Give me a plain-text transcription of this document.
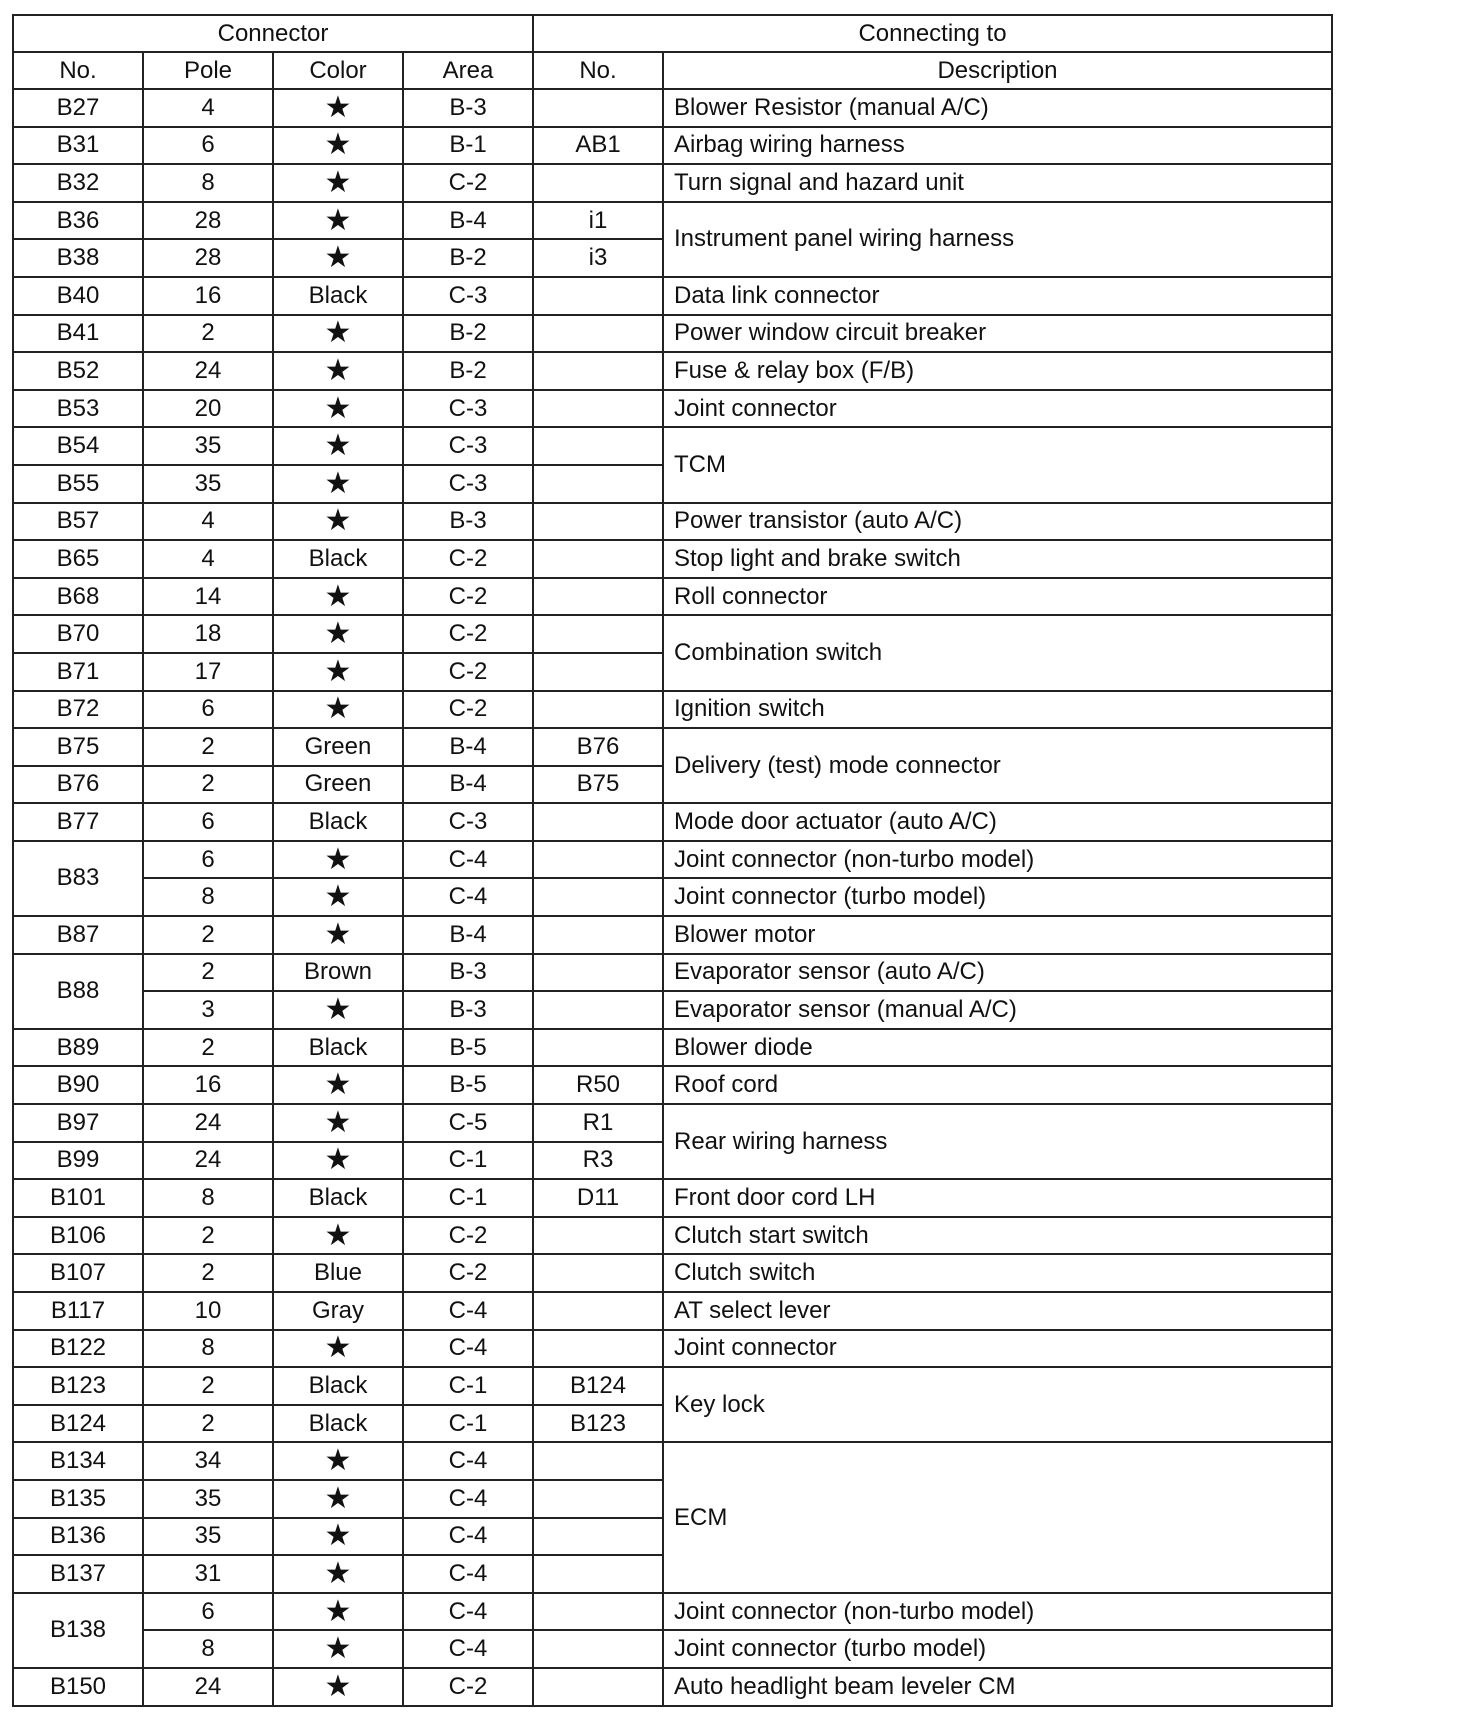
Connector				Connecting to	
No.	Pole	Color	Area	No.	Description
B27	4	★	B-3		Blower Resistor (manual A/C)
B31	6	★	B-1	AB1	Airbag wiring harness
B32	8	★	C-2		Turn signal and hazard unit
B36	28	★	B-4	i1	Instrument panel wiring harness
B38	28	★	B-2	i3	
B40	16	Black	C-3		Data link connector
B41	2	★	B-2		Power window circuit breaker
B52	24	★	B-2		Fuse & relay box (F/B)
B53	20	★	C-3		Joint connector
B54	35	★	C-3		TCM
B55	35	★	C-3		
B57	4	★	B-3		Power transistor (auto A/C)
B65	4	Black	C-2		Stop light and brake switch
B68	14	★	C-2		Roll connector
B70	18	★	C-2		Combination switch
B71	17	★	C-2		
B72	6	★	C-2		Ignition switch
B75	2	Green	B-4	B76	Delivery (test) mode connector
B76	2	Green	B-4	B75	
B77	6	Black	C-3		Mode door actuator (auto A/C)
B83	6	★	C-4		Joint connector (non-turbo model)
	8	★	C-4		Joint connector (turbo model)
B87	2	★	B-4		Blower motor
B88	2	Brown	B-3		Evaporator sensor (auto A/C)
	3	★	B-3		Evaporator sensor (manual A/C)
B89	2	Black	B-5		Blower diode
B90	16	★	B-5	R50	Roof cord
B97	24	★	C-5	R1	Rear wiring harness
B99	24	★	C-1	R3	
B101	8	Black	C-1	D11	Front door cord LH
B106	2	★	C-2		Clutch start switch
B107	2	Blue	C-2		Clutch switch
B117	10	Gray	C-4		AT select lever
B122	8	★	C-4		Joint connector
B123	2	Black	C-1	B124	Key lock
B124	2	Black	C-1	B123	
B134	34	★	C-4		ECM
B135	35	★	C-4		
B136	35	★	C-4		
B137	31	★	C-4		
B138	6	★	C-4		Joint connector (non-turbo model)
	8	★	C-4		Joint connector (turbo model)
B150	24	★	C-2		Auto headlight beam leveler CM
